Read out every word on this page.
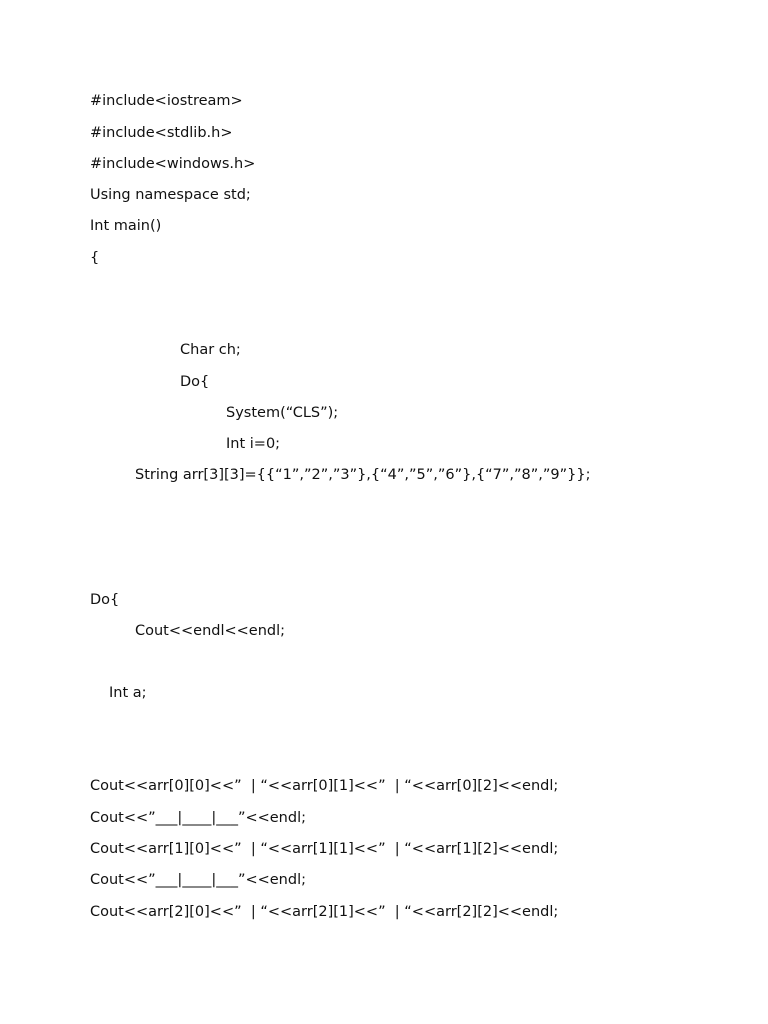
#include<iostream>
#include<stdlib.h>
#include<windows.h>
Using namespace std;
Int main()
{
Char ch;
Do{
System(“CLS”);
Int i=0;
String arr[3][3]={{“1”,”2”,”3”},{“4”,”5”,”6”},{“7”,”8”,”9”}};
Do{
Cout<<endl<<endl;
Int a;
Cout<<arr[0][0]<<”  | “<<arr[0][1]<<”  | “<<arr[0][2]<<endl;
Cout<<”___|____|___”<<endl;
Cout<<arr[1][0]<<”  | “<<arr[1][1]<<”  | “<<arr[1][2]<<endl;
Cout<<”___|____|___”<<endl;
Cout<<arr[2][0]<<”  | “<<arr[2][1]<<”  | “<<arr[2][2]<<endl;
